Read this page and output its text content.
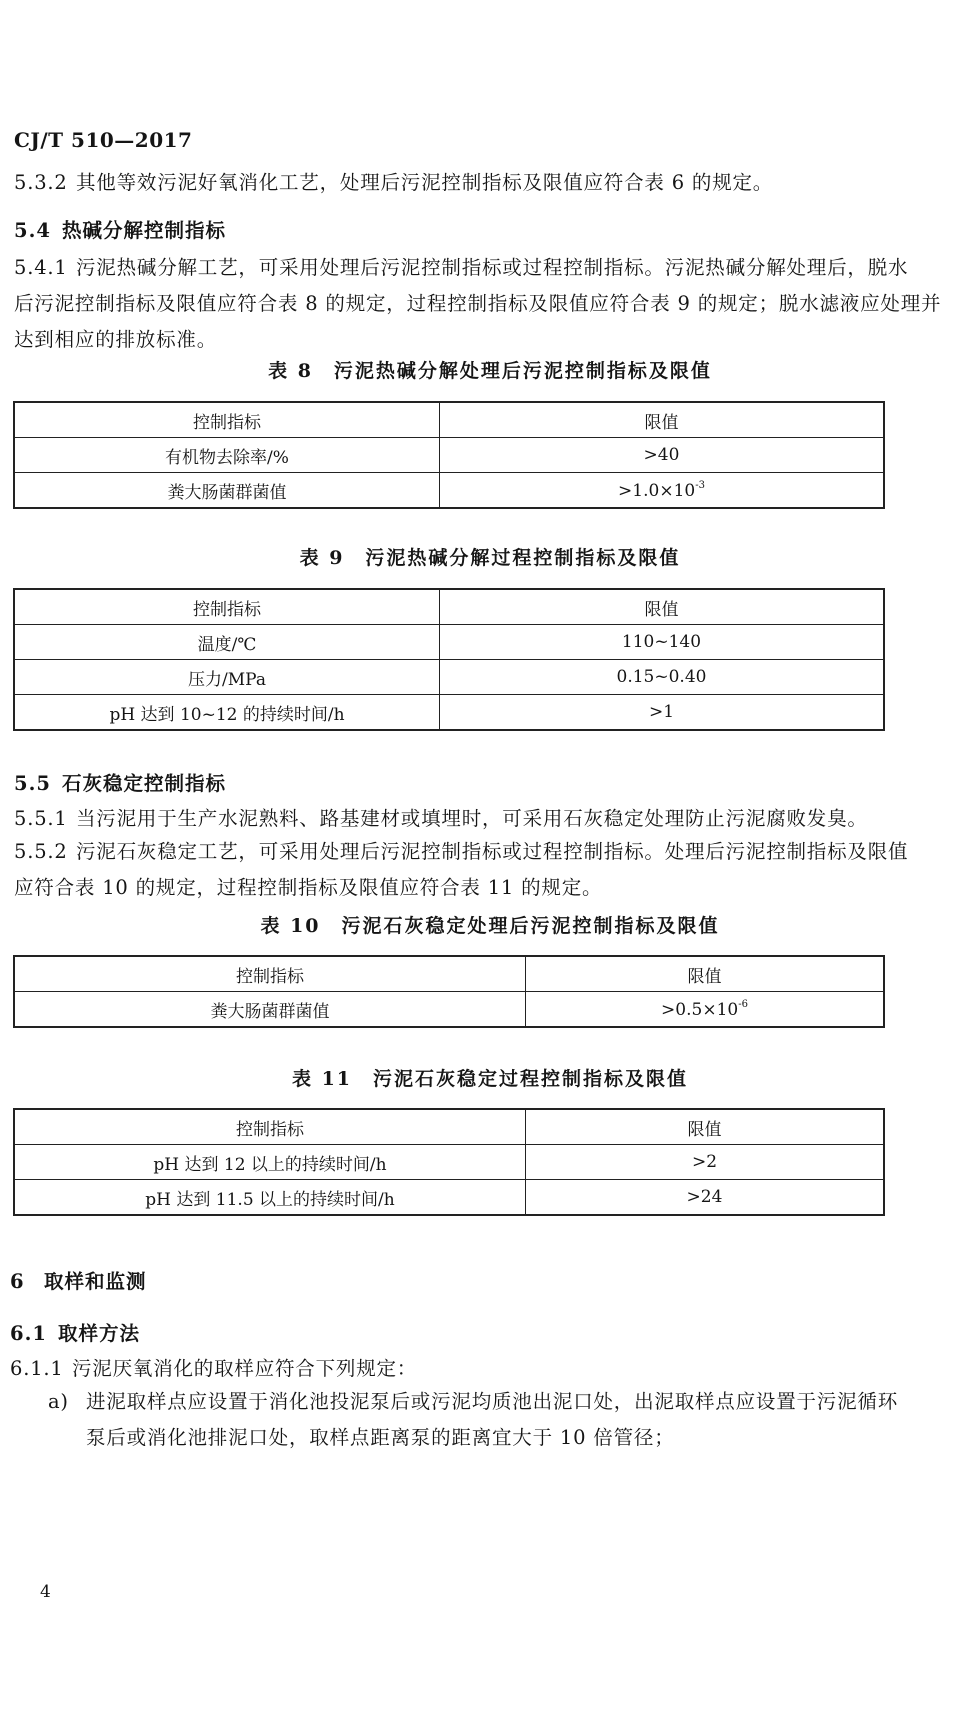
CJ/T 510—2017
5.3.2 其他等效污泥好氧消化工艺，处理后污泥控制指标及限值应符合表 6 的规定。
5.4 热碱分解控制指标
5.4.1 污泥热碱分解工艺，可采用处理后污泥控制指标或过程控制指标。污泥热碱分解处理后，脱水
后污泥控制指标及限值应符合表 8 的规定，过程控制指标及限值应符合表 9 的规定；脱水滤液应处理并
达到相应的排放标准。
表 8　污泥热碱分解处理后污泥控制指标及限值
控制指标	限值
有机物去除率/%	>40
粪大肠菌群菌值	$>1.0\times 10^{-3}$
表 9　污泥热碱分解过程控制指标及限值
控制指标	限值
温度/℃	110~140
压力/MPa	0.15~0.40
pH 达到 10~12 的持续时间/h	>1
5.5 石灰稳定控制指标
5.5.1 当污泥用于生产水泥熟料、路基建材或填埋时，可采用石灰稳定处理防止污泥腐败发臭。
5.5.2 污泥石灰稳定工艺，可采用处理后污泥控制指标或过程控制指标。处理后污泥控制指标及限值
应符合表 10 的规定，过程控制指标及限值应符合表 11 的规定。
表 10　污泥石灰稳定处理后污泥控制指标及限值
控制指标	限值
粪大肠菌群菌值	$>0.5\times 10^{-6}$
表 11　污泥石灰稳定过程控制指标及限值
控制指标	限值
pH 达到 12 以上的持续时间/h	>2
pH 达到 11.5 以上的持续时间/h	>24
6 取样和监测
6.1 取样方法
6.1.1 污泥厌氧消化的取样应符合下列规定：
a) 进泥取样点应设置于消化池投泥泵后或污泥均质池出泥口处，出泥取样点应设置于污泥循环
泵后或消化池排泥口处，取样点距离泵的距离宜大于 10 倍管径；
4
